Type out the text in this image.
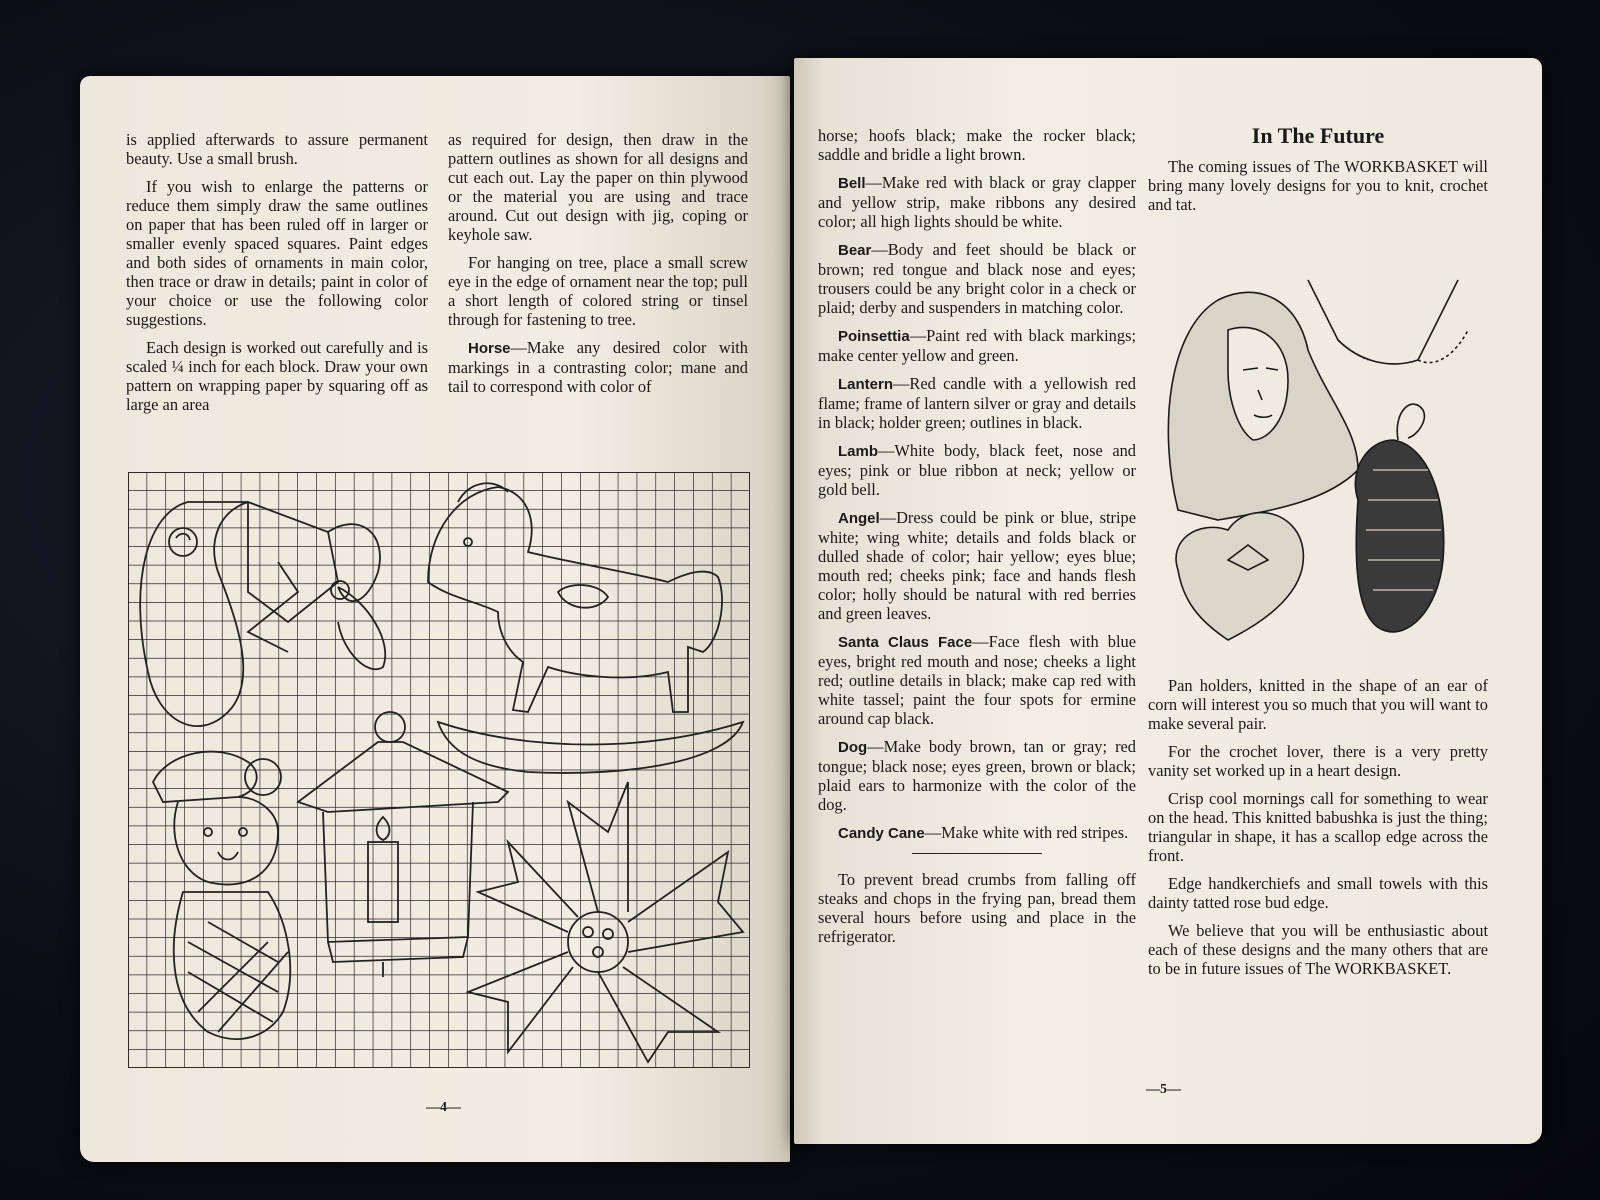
is applied afterwards to assure permanent beauty. Use a small brush.

If you wish to enlarge the patterns or reduce them simply draw the same outlines on paper that has been ruled off in larger or smaller evenly spaced squares. Paint edges and both sides of ornaments in main color, then trace or draw in details; paint in color of your choice or use the following color suggestions.

Each design is worked out carefully and is scaled ¼ inch for each block. Draw your own pattern on wrapping paper by squaring off as large an area

as required for design, then draw in the pattern outlines as shown for all designs and cut each out. Lay the paper on thin plywood or the material you are using and trace around. Cut out design with jig, coping or keyhole saw.

For hanging on tree, place a small screw eye in the edge of ornament near the top; pull a short length of colored string or tinsel through for fastening to tree.

Horse—Make any desired color with markings in a contrasting color; mane and tail to correspond with color of

—4—

horse; hoofs black; make the rocker black; saddle and bridle a light brown.

Bell—Make red with black or gray clapper and yellow strip, make ribbons any desired color; all high lights should be white.

Bear—Body and feet should be black or brown; red tongue and black nose and eyes; trousers could be any bright color in a check or plaid; derby and suspenders in matching color.

Poinsettia—Paint red with black markings; make center yellow and green.

Lantern—Red candle with a yellowish red flame; frame of lantern silver or gray and details in black; holder green; outlines in black.

Lamb—White body, black feet, nose and eyes; pink or blue ribbon at neck; yellow or gold bell.

Angel—Dress could be pink or blue, stripe white; wing white; details and folds black or dulled shade of color; hair yellow; eyes blue; mouth red; cheeks pink; face and hands flesh color; holly should be natural with red berries and green leaves.

Santa Claus Face—Face flesh with blue eyes, bright red mouth and nose; cheeks a light red; outline details in black; make cap red with white tassel; paint the four spots for ermine around cap black.

Dog—Make body brown, tan or gray; red tongue; black nose; eyes green, brown or black; plaid ears to harmonize with the color of the dog.

Candy Cane—Make white with red stripes.

To prevent bread crumbs from falling off steaks and chops in the frying pan, bread them several hours before using and place in the refrigerator.

In The Future

The coming issues of The WORKBASKET will bring many lovely designs for you to knit, crochet and tat.

Pan holders, knitted in the shape of an ear of corn will interest you so much that you will want to make several pair.

For the crochet lover, there is a very pretty vanity set worked up in a heart design.

Crisp cool mornings call for something to wear on the head. This knitted babushka is just the thing; triangular in shape, it has a scallop edge across the front.

Edge handkerchiefs and small towels with this dainty tatted rose bud edge.

We believe that you will be enthusiastic about each of these designs and the many others that are to be in future issues of The WORKBASKET.

—5—
